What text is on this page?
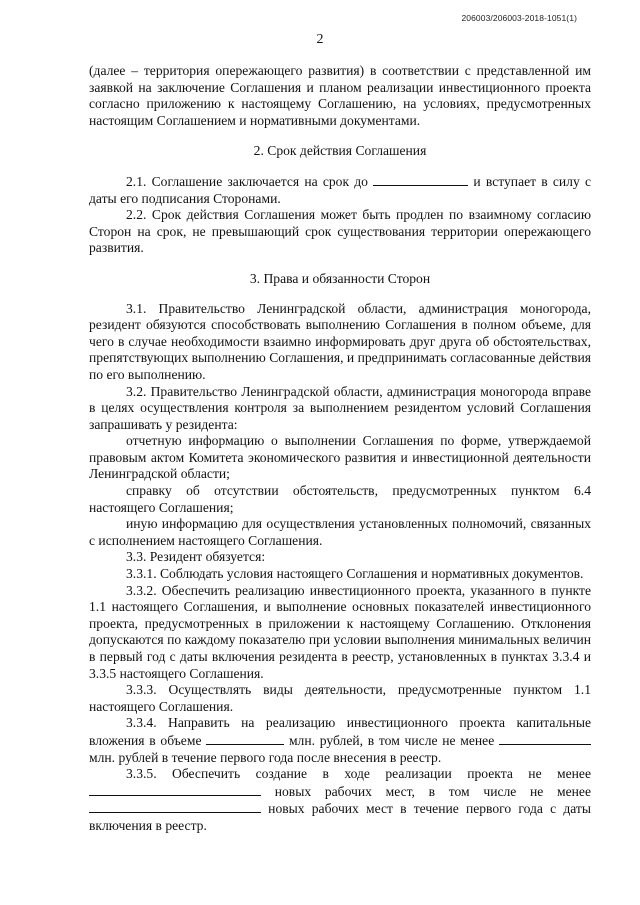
206003/206003-2018-1051(1)
2

(далее – территория опережающего развития) в соответствии с представленной им заявкой на заключение Соглашения и планом реализации инвестиционного проекта согласно приложению к настоящему Соглашению, на условиях, предусмотренных настоящим Соглашением и нормативными документами.

2. Срок действия Соглашения

2.1. Соглашение заключается на срок до	и вступает в силу с даты его подписания Сторонами.

2.2. Срок действия Соглашения может быть продлен по взаимному согласию Сторон на срок, не превышающий срок существования территории опережающего развития.

3. Права и обязанности Сторон

3.1. Правительство Ленинградской области, администрация моногорода, резидент обязуются способствовать выполнению Соглашения в полном объеме, для чего в случае необходимости взаимно информировать друг друга об обстоятельствах, препятствующих выполнению Соглашения, и предпринимать согласованные действия по его выполнению.

3.2. Правительство Ленинградской области, администрация моногорода вправе в целях осуществления контроля за выполнением резидентом условий Соглашения запрашивать у резидента:

отчетную информацию о выполнении Соглашения по форме, утверждаемой правовым актом Комитета экономического развития и инвестиционной деятельности Ленинградской области;

справку об отсутствии обстоятельств, предусмотренных пунктом 6.4 настоящего Соглашения;

иную информацию для осуществления установленных полномочий, связанных с исполнением настоящего Соглашения.

3.3. Резидент обязуется:

3.3.1. Соблюдать условия настоящего Соглашения и нормативных документов.

3.3.2. Обеспечить реализацию инвестиционного проекта, указанного в пункте 1.1 настоящего Соглашения, и выполнение основных показателей инвестиционного проекта, предусмотренных в приложении к настоящему Соглашению. Отклонения допускаются по каждому показателю при условии выполнения минимальных величин в первый год с даты включения резидента в реестр, установленных в пунктах 3.3.4 и 3.3.5 настоящего Соглашения.

3.3.3. Осуществлять виды деятельности, предусмотренные пунктом 1.1 настоящего Соглашения.

3.3.4. Направить на реализацию инвестиционного проекта капитальные вложения в объеме	млн. рублей, в том числе не менее  млн. рублей в течение первого года после внесения в реестр.

3.3.5. Обеспечить создание в ходе реализации проекта не менее  новых рабочих мест, в том числе не менее  новых рабочих мест в течение первого года с даты включения в реестр.
